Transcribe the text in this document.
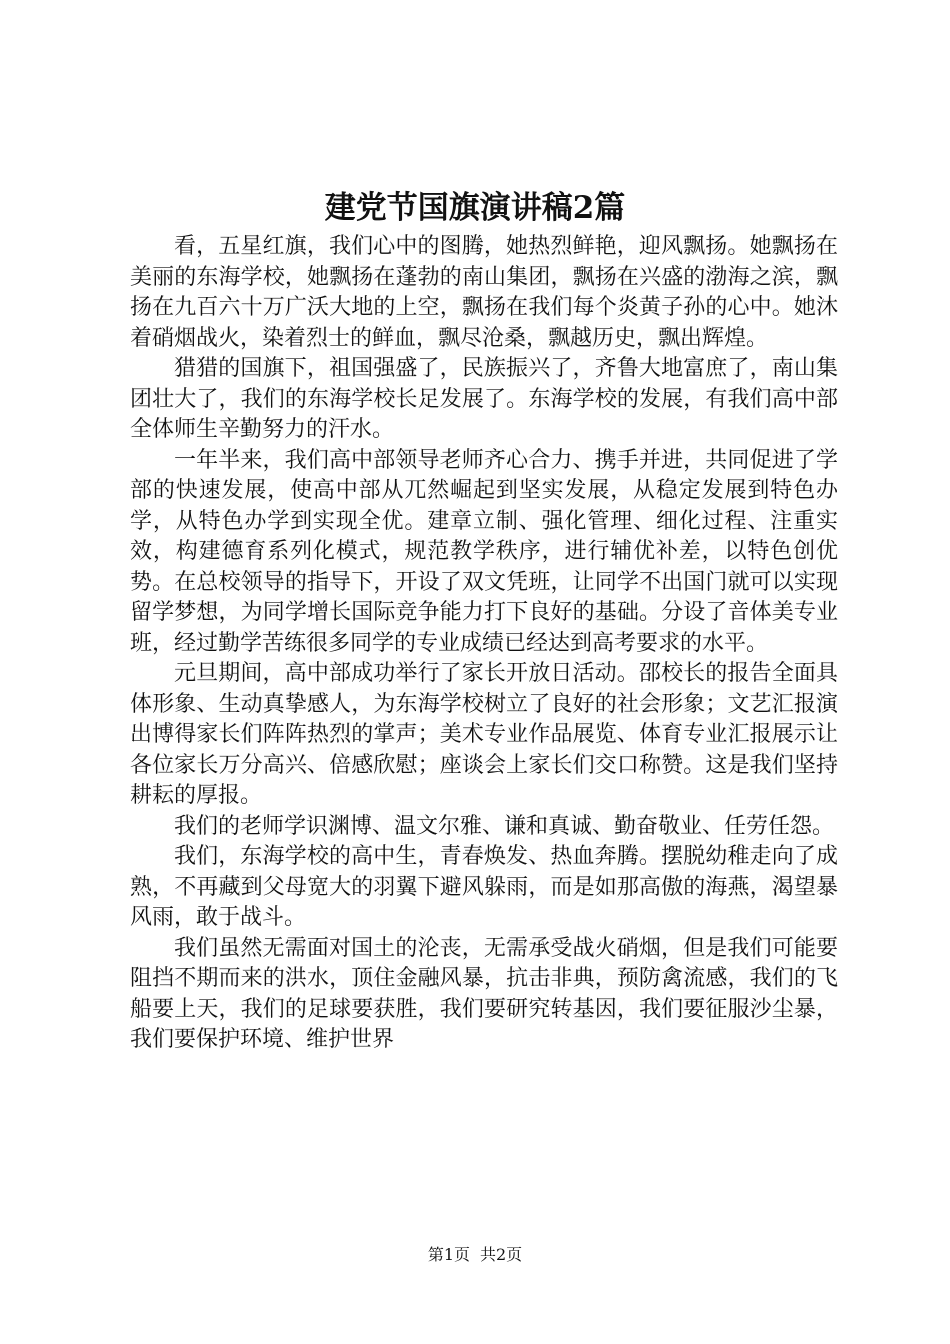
建党节国旗演讲稿2篇

看，五星红旗，我们心中的图腾，她热烈鲜艳，迎风飘扬。她飘扬在美丽的东海学校，她飘扬在蓬勃的南山集团，飘扬在兴盛的渤海之滨，飘扬在九百六十万广沃大地的上空，飘扬在我们每个炎黄子孙的心中。她沐着硝烟战火，染着烈士的鲜血，飘尽沧桑，飘越历史，飘出辉煌。

猎猎的国旗下，祖国强盛了，民族振兴了，齐鲁大地富庶了，南山集团壮大了，我们的东海学校长足发展了。东海学校的发展，有我们高中部全体师生辛勤努力的汗水。

一年半来，我们高中部领导老师齐心合力、携手并进，共同促进了学部的快速发展，使高中部从兀然崛起到坚实发展，从稳定发展到特色办学，从特色办学到实现全优。建章立制、强化管理、细化过程、注重实效，构建德育系列化模式，规范教学秩序，进行辅优补差，以特色创优势。在总校领导的指导下，开设了双文凭班，让同学不出国门就可以实现留学梦想，为同学增长国际竞争能力打下良好的基础。分设了音体美专业班，经过勤学苦练很多同学的专业成绩已经达到高考要求的水平。

元旦期间，高中部成功举行了家长开放日活动。邵校长的报告全面具体形象、生动真挚感人，为东海学校树立了良好的社会形象；文艺汇报演出博得家长们阵阵热烈的掌声；美术专业作品展览、体育专业汇报展示让各位家长万分高兴、倍感欣慰；座谈会上家长们交口称赞。这是我们坚持耕耘的厚报。

我们的老师学识渊博、温文尔雅、谦和真诚、勤奋敬业、任劳任怨。

我们，东海学校的高中生，青春焕发、热血奔腾。摆脱幼稚走向了成熟，不再藏到父母宽大的羽翼下避风躲雨，而是如那高傲的海燕，渴望暴风雨，敢于战斗。

我们虽然无需面对国土的沦丧，无需承受战火硝烟，但是我们可能要阻挡不期而来的洪水，顶住金融风暴，抗击非典，预防禽流感，我们的飞船要上天，我们的足球要获胜，我们要研究转基因，我们要征服沙尘暴，我们要保护环境、维护世界

第1页 共2页
